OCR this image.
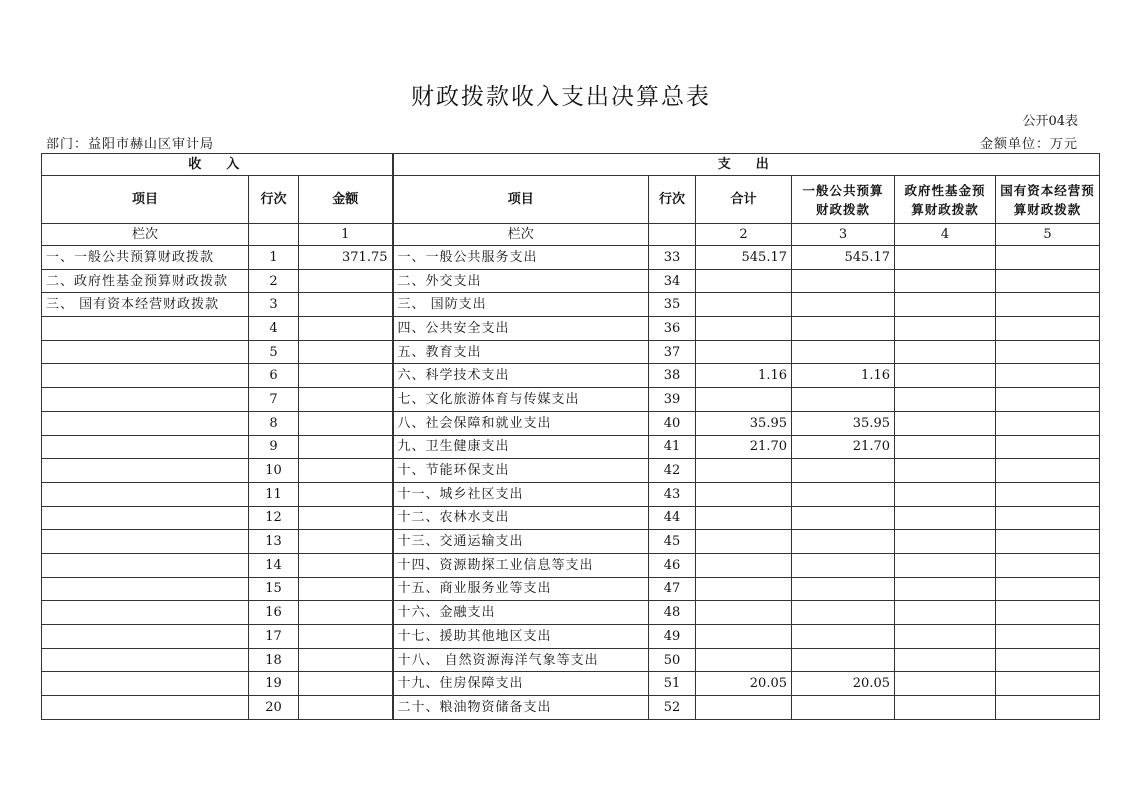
财政拨款收入支出决算总表
公开04表
部门：益阳市赫山区审计局	金额单位：万元
收　入			支　出					
项目	行次	金额	项目	行次	合计	一般公共预算财政拨款	政府性基金预算财政拨款	国有资本经营预算财政拨款
栏次		1	栏次		2	3	4	5
一、一般公共预算财政拨款	1	371.75	一、一般公共服务支出	33	545.17	545.17		
二、政府性基金预算财政拨款	2		二、外交支出	34				
三、 国有资本经营财政拨款	3		三、 国防支出	35				
	4		四、公共安全支出	36				
	5		五、教育支出	37				
	6		六、科学技术支出	38	1.16	1.16		
	7		七、文化旅游体育与传媒支出	39				
	8		八、社会保障和就业支出	40	35.95	35.95		
	9		九、卫生健康支出	41	21.70	21.70		
	10		十、节能环保支出	42				
	11		十一、城乡社区支出	43				
	12		十二、农林水支出	44				
	13		十三、交通运输支出	45				
	14		十四、资源勘探工业信息等支出	46				
	15		十五、商业服务业等支出	47				
	16		十六、金融支出	48				
	17		十七、援助其他地区支出	49				
	18		十八、 自然资源海洋气象等支出	50				
	19		十九、住房保障支出	51	20.05	20.05		
	20		二十、粮油物资储备支出	52				
